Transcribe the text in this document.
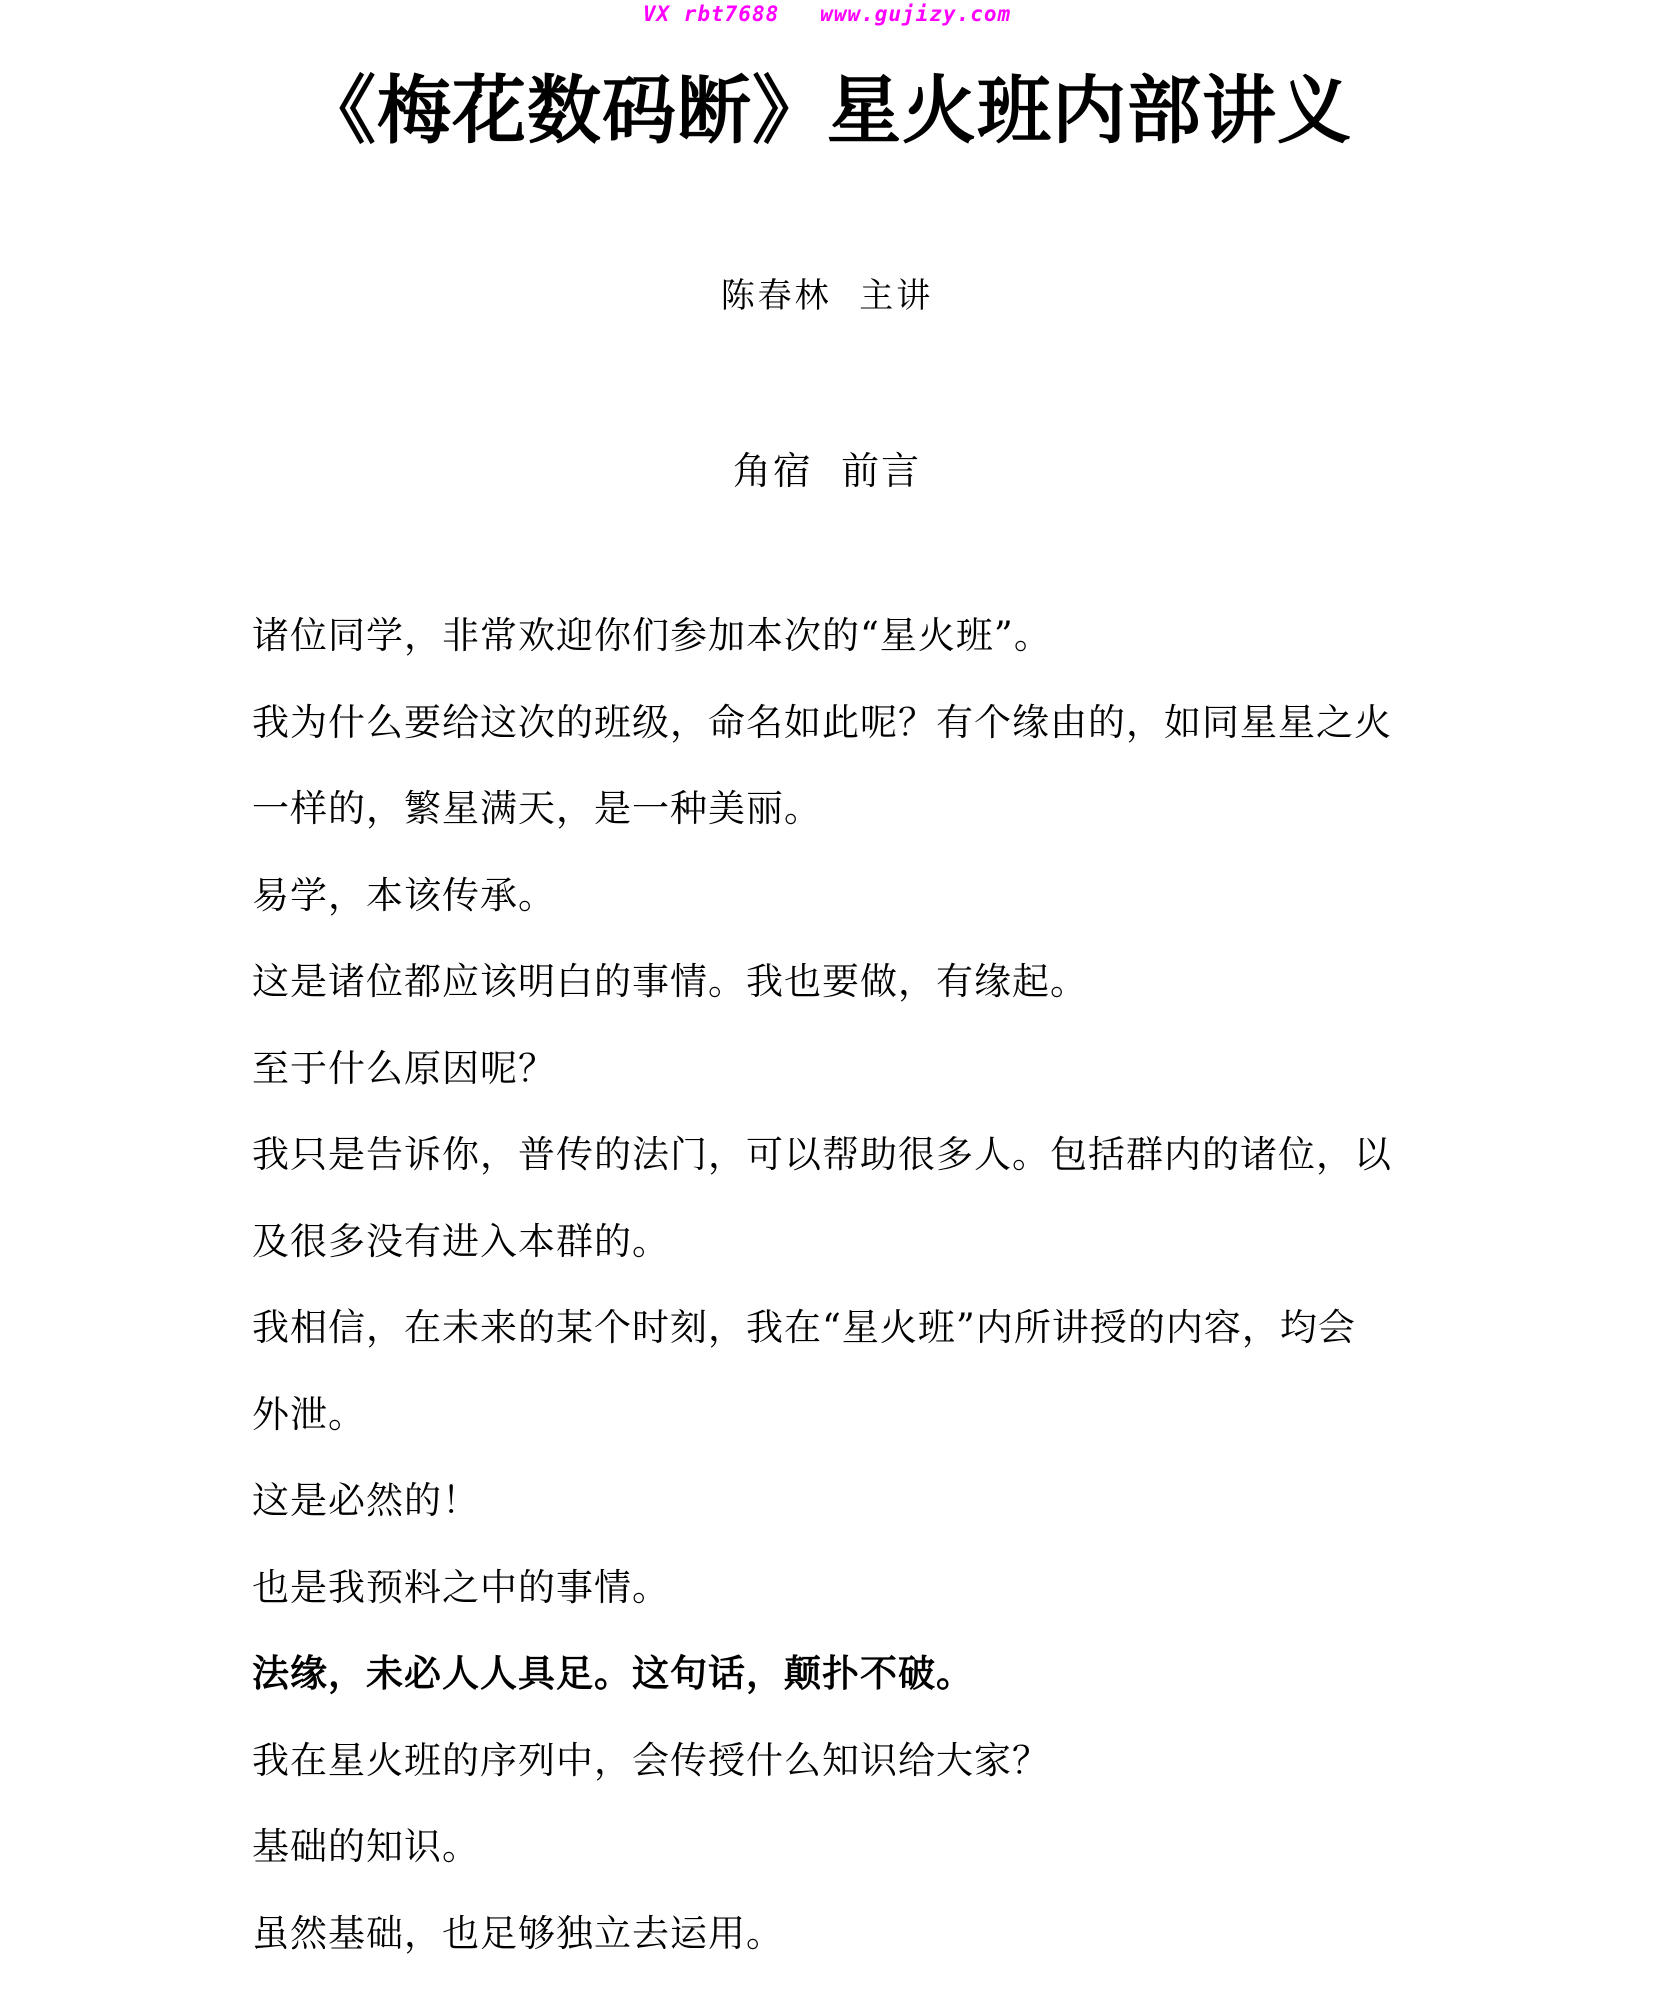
VX rbt7688   www.gujizy.com
《梅花数码断》星火班内部讲义
陈春林  主讲
角宿  前言
诸位同学，非常欢迎你们参加本次的“星火班”。
我为什么要给这次的班级，命名如此呢？有个缘由的，如同星星之火
一样的，繁星满天，是一种美丽。
易学，本该传承。
这是诸位都应该明白的事情。我也要做，有缘起。
至于什么原因呢？
我只是告诉你，普传的法门，可以帮助很多人。包括群内的诸位，以
及很多没有进入本群的。
我相信，在未来的某个时刻，我在“星火班”内所讲授的内容，均会
外泄。
这是必然的！
也是我预料之中的事情。
法缘，未必人人具足。这句话，颠扑不破。
我在星火班的序列中，会传授什么知识给大家？
基础的知识。
虽然基础，也足够独立去运用。
